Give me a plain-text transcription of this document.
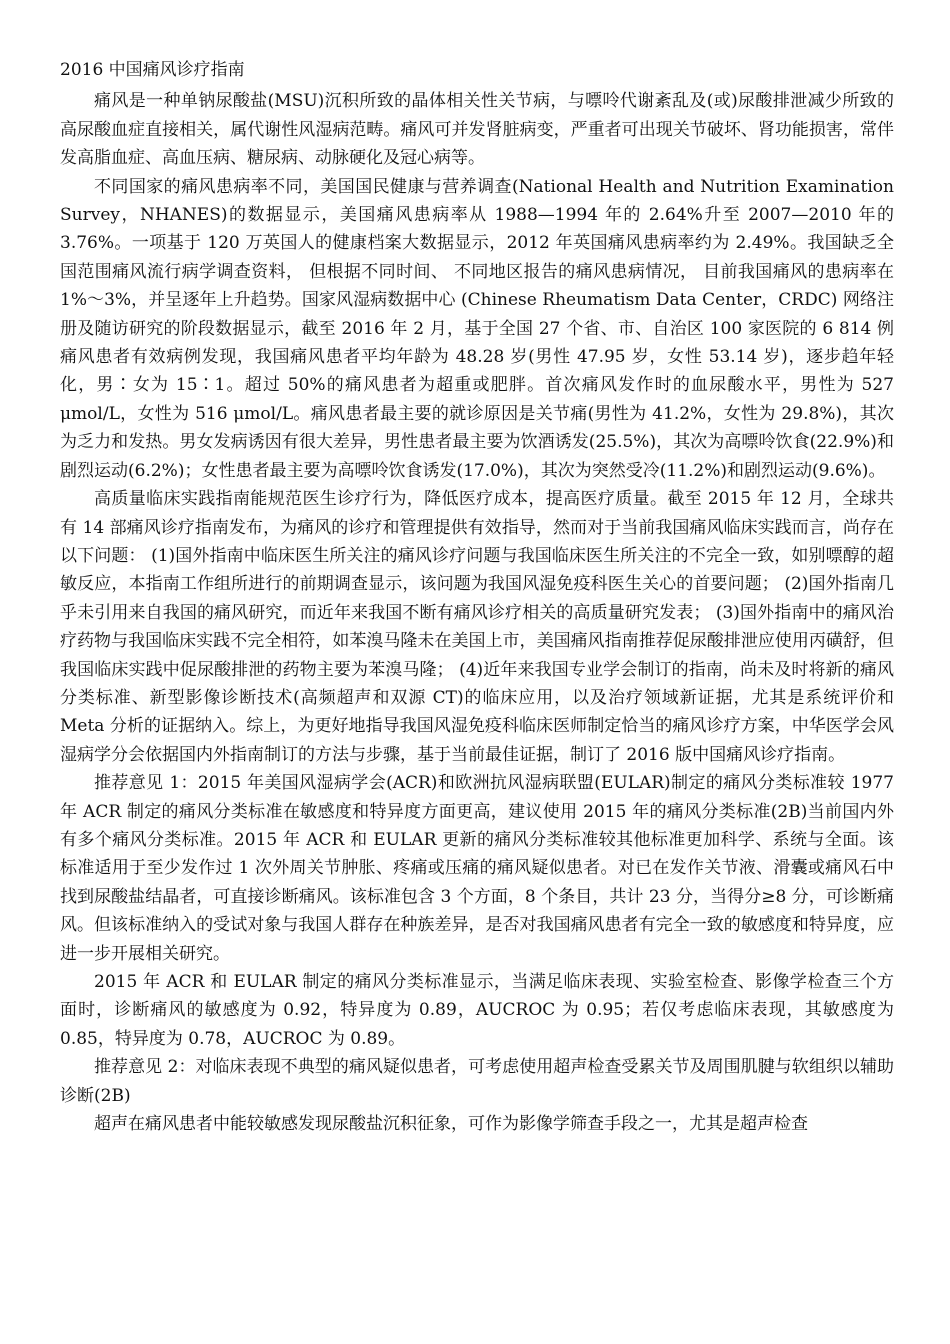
2016 中国痛风诊疗指南

痛风是一种单钠尿酸盐(MSU)沉积所致的晶体相关性关节病，与嘌呤代谢紊乱及(或)尿酸排泄减少所致的高尿酸血症直接相关，属代谢性风湿病范畴。痛风可并发肾脏病变，严重者可出现关节破坏、肾功能损害，常伴发高脂血症、高血压病、糖尿病、动脉硬化及冠心病等。

不同国家的痛风患病率不同，美国国民健康与营养调查(National Health and Nutrition Examination Survey，NHANES)的数据显示，美国痛风患病率从 1988—1994 年的 2.64%升至 2007—2010 年的 3.76%。一项基于 120 万英国人的健康档案大数据显示，2012 年英国痛风患病率约为 2.49%。我国缺乏全国范围痛风流行病学调查资料， 但根据不同时间、 不同地区报告的痛风患病情况， 目前我国痛风的患病率在 1%～3%，并呈逐年上升趋势。国家风湿病数据中心 (Chinese Rheumatism Data Center，CRDC) 网络注册及随访研究的阶段数据显示，截至 2016 年 2 月，基于全国 27 个省、市、自治区 100 家医院的 6 814 例痛风患者有效病例发现，我国痛风患者平均年龄为 48.28 岁(男性 47.95 岁，女性 53.14 岁)，逐步趋年轻化，男∶女为 15∶1。超过 50%的痛风患者为超重或肥胖。首次痛风发作时的血尿酸水平，男性为 527 μmol/L，女性为 516 μmol/L。痛风患者最主要的就诊原因是关节痛(男性为 41.2%，女性为 29.8%)，其次为乏力和发热。男女发病诱因有很大差异，男性患者最主要为饮酒诱发(25.5%)，其次为高嘌呤饮食(22.9%)和剧烈运动(6.2%)；女性患者最主要为高嘌呤饮食诱发(17.0%)，其次为突然受冷(11.2%)和剧烈运动(9.6%)。

高质量临床实践指南能规范医生诊疗行为，降低医疗成本，提高医疗质量。截至 2015 年 12 月，全球共有 14 部痛风诊疗指南发布，为痛风的诊疗和管理提供有效指导，然而对于当前我国痛风临床实践而言，尚存在以下问题： (1)国外指南中临床医生所关注的痛风诊疗问题与我国临床医生所关注的不完全一致，如别嘌醇的超敏反应，本指南工作组所进行的前期调查显示，该问题为我国风湿免疫科医生关心的首要问题； (2)国外指南几乎未引用来自我国的痛风研究，而近年来我国不断有痛风诊疗相关的高质量研究发表； (3)国外指南中的痛风治疗药物与我国临床实践不完全相符，如苯溴马隆未在美国上市，美国痛风指南推荐促尿酸排泄应使用丙磺舒，但我国临床实践中促尿酸排泄的药物主要为苯溴马隆； (4)近年来我国专业学会制订的指南，尚未及时将新的痛风分类标准、新型影像诊断技术(高频超声和双源 CT)的临床应用，以及治疗领域新证据，尤其是系统评价和 Meta 分析的证据纳入。综上，为更好地指导我国风湿免疫科临床医师制定恰当的痛风诊疗方案，中华医学会风湿病学分会依据国内外指南制订的方法与步骤，基于当前最佳证据，制订了 2016 版中国痛风诊疗指南。

推荐意见 1：2015 年美国风湿病学会(ACR)和欧洲抗风湿病联盟(EULAR)制定的痛风分类标准较 1977 年 ACR 制定的痛风分类标准在敏感度和特异度方面更高，建议使用 2015 年的痛风分类标准(2B)当前国内外有多个痛风分类标准。2015 年 ACR 和 EULAR 更新的痛风分类标准较其他标准更加科学、系统与全面。该标准适用于至少发作过 1 次外周关节肿胀、疼痛或压痛的痛风疑似患者。对已在发作关节液、滑囊或痛风石中找到尿酸盐结晶者，可直接诊断痛风。该标准包含 3 个方面，8 个条目，共计 23 分，当得分≥8 分，可诊断痛风。但该标准纳入的受试对象与我国人群存在种族差异，是否对我国痛风患者有完全一致的敏感度和特异度，应进一步开展相关研究。

2015 年 ACR 和 EULAR 制定的痛风分类标准显示，当满足临床表现、实验室检查、影像学检查三个方面时，诊断痛风的敏感度为 0.92，特异度为 0.89，AUCROC 为 0.95；若仅考虑临床表现，其敏感度为 0.85，特异度为 0.78，AUCROC 为 0.89。

推荐意见 2：对临床表现不典型的痛风疑似患者，可考虑使用超声检查受累关节及周围肌腱与软组织以辅助诊断(2B)

超声在痛风患者中能较敏感发现尿酸盐沉积征象，可作为影像学筛查手段之一，尤其是超声检查
